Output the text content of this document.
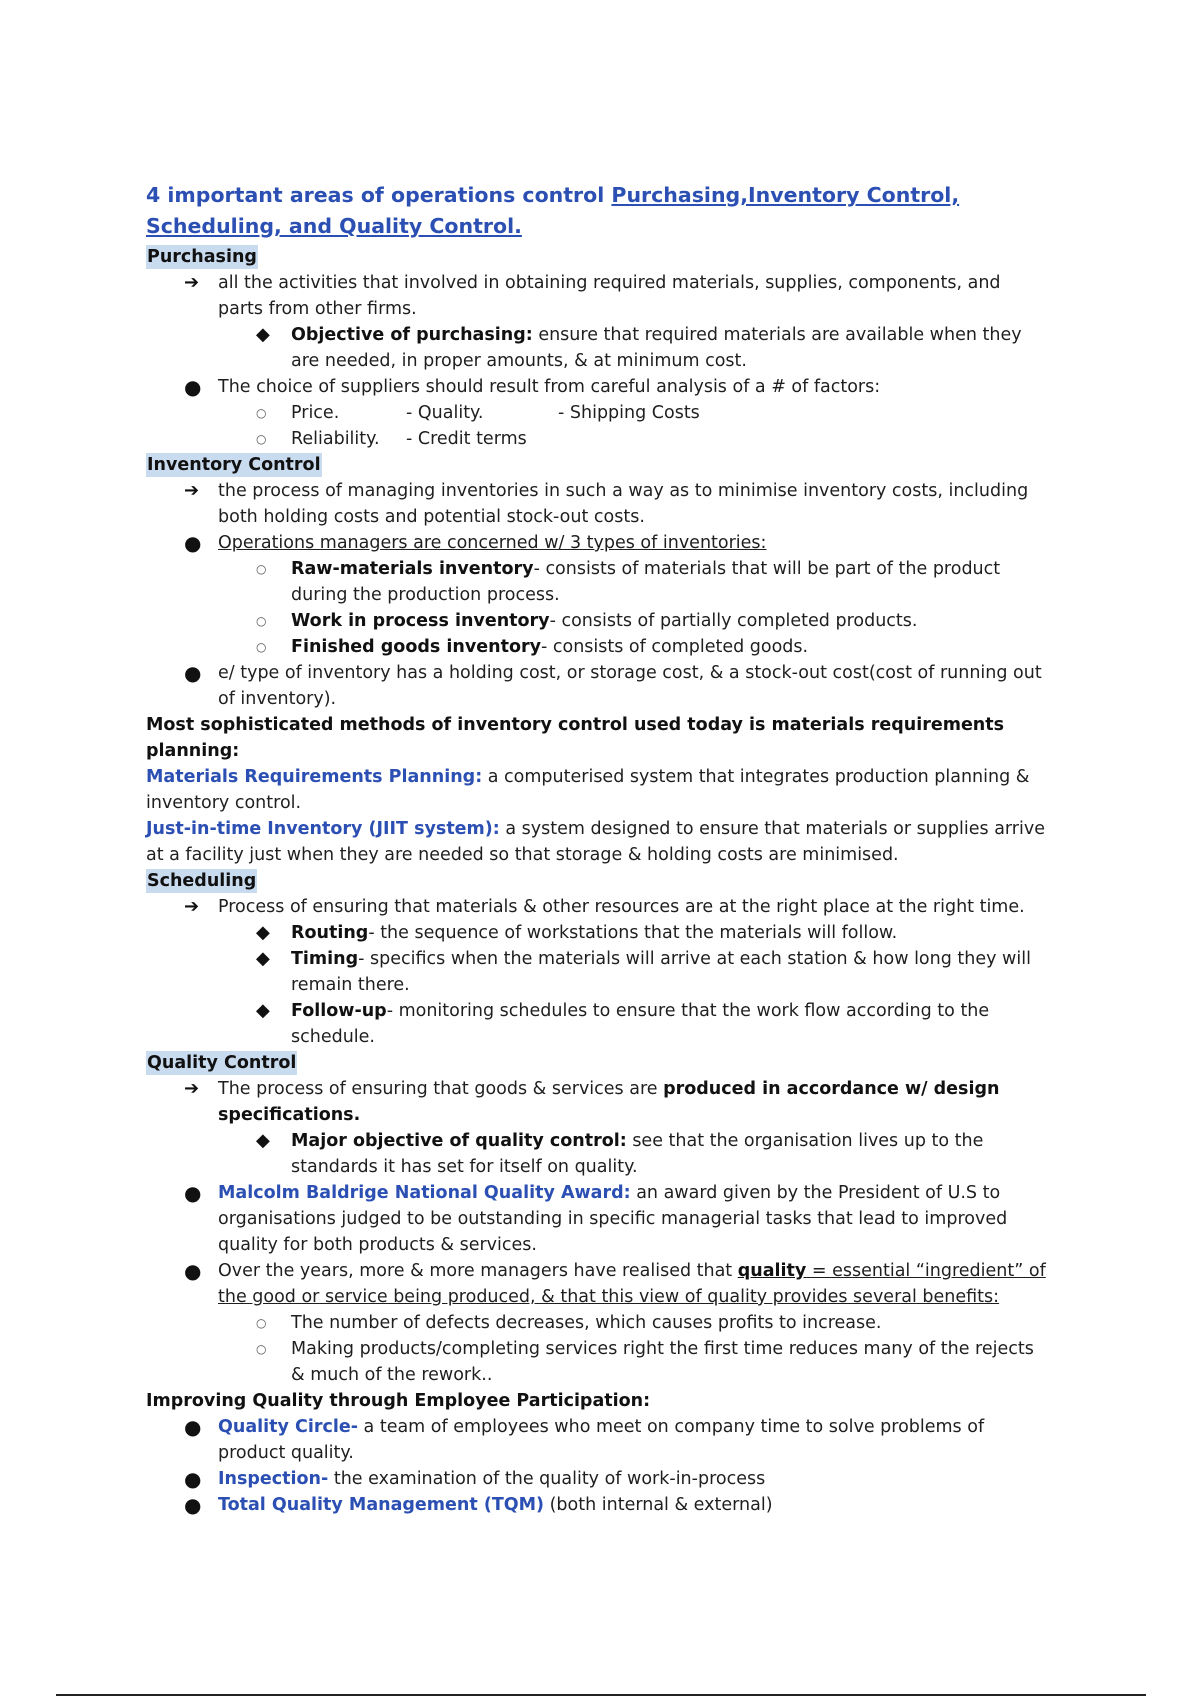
4 important areas of operations control Purchasing,Inventory Control, Scheduling, and Quality Control.

Purchasing
➔ all the activities that involved in obtaining required materials, supplies, components, and parts from other firms.
◆ Objective of purchasing: ensure that required materials are available when they are needed, in proper amounts, & at minimum cost.
● The choice of suppliers should result from careful analysis of a # of factors:
○ Price.	- Quality.	- Shipping Costs
○ Reliability.	- Credit terms
Inventory Control
➔ the process of managing inventories in such a way as to minimise inventory costs, including both holding costs and potential stock-out costs.
● Operations managers are concerned w/ 3 types of inventories:
○ Raw-materials inventory- consists of materials that will be part of the product during the production process.
○ Work in process inventory- consists of partially completed products.
○ Finished goods inventory- consists of completed goods.
● e/ type of inventory has a holding cost, or storage cost, & a stock-out cost(cost of running out of inventory).

Most sophisticated methods of inventory control used today is materials requirements planning:

Materials Requirements Planning: a computerised system that integrates production planning & inventory control.

Just-in-time Inventory (JIIT system): a system designed to ensure that materials or supplies arrive at a facility just when they are needed so that storage & holding costs are minimised.

Scheduling
➔ Process of ensuring that materials & other resources are at the right place at the right time.
◆ Routing- the sequence of workstations that the materials will follow.
◆ Timing- specifics when the materials will arrive at each station & how long they will remain there.
◆ Follow-up- monitoring schedules to ensure that the work flow according to the schedule.
Quality Control
➔ The process of ensuring that goods & services are produced in accordance w/ design specifications.
◆ Major objective of quality control: see that the organisation lives up to the standards it has set for itself on quality.
● Malcolm Baldrige National Quality Award: an award given by the President of U.S to organisations judged to be outstanding in specific managerial tasks that lead to improved quality for both products & services.
● Over the years, more & more managers have realised that quality = essential “ingredient” of the good or service being produced, & that this view of quality provides several benefits:
○ The number of defects decreases, which causes profits to increase.
○ Making products/completing services right the first time reduces many of the rejects & much of the rework..

Improving Quality through Employee Participation:

● Quality Circle- a team of employees who meet on company time to solve problems of product quality.
● Inspection- the examination of the quality of work-in-process
● Total Quality Management (TQM) (both internal & external)
